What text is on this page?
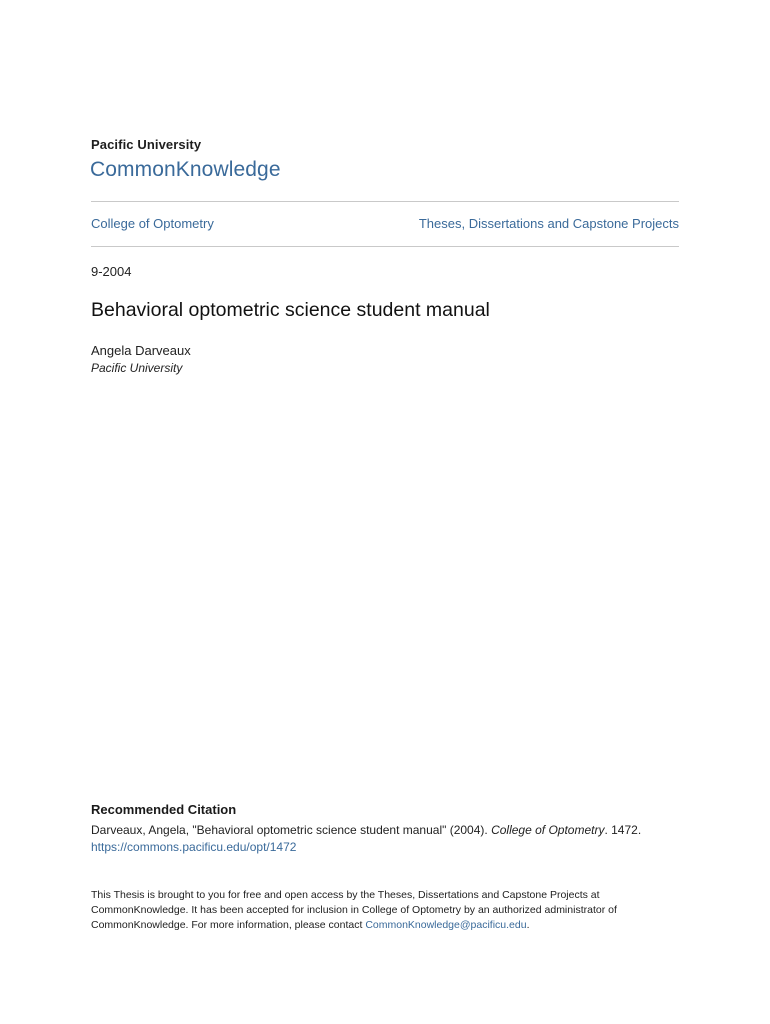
Pacific University
CommonKnowledge
College of Optometry	Theses, Dissertations and Capstone Projects
9-2004
Behavioral optometric science student manual
Angela Darveaux
Pacific University
Recommended Citation
Darveaux, Angela, "Behavioral optometric science student manual" (2004). College of Optometry. 1472.
https://commons.pacificu.edu/opt/1472
This Thesis is brought to you for free and open access by the Theses, Dissertations and Capstone Projects at
CommonKnowledge. It has been accepted for inclusion in College of Optometry by an authorized administrator of
CommonKnowledge. For more information, please contact CommonKnowledge@pacificu.edu.
